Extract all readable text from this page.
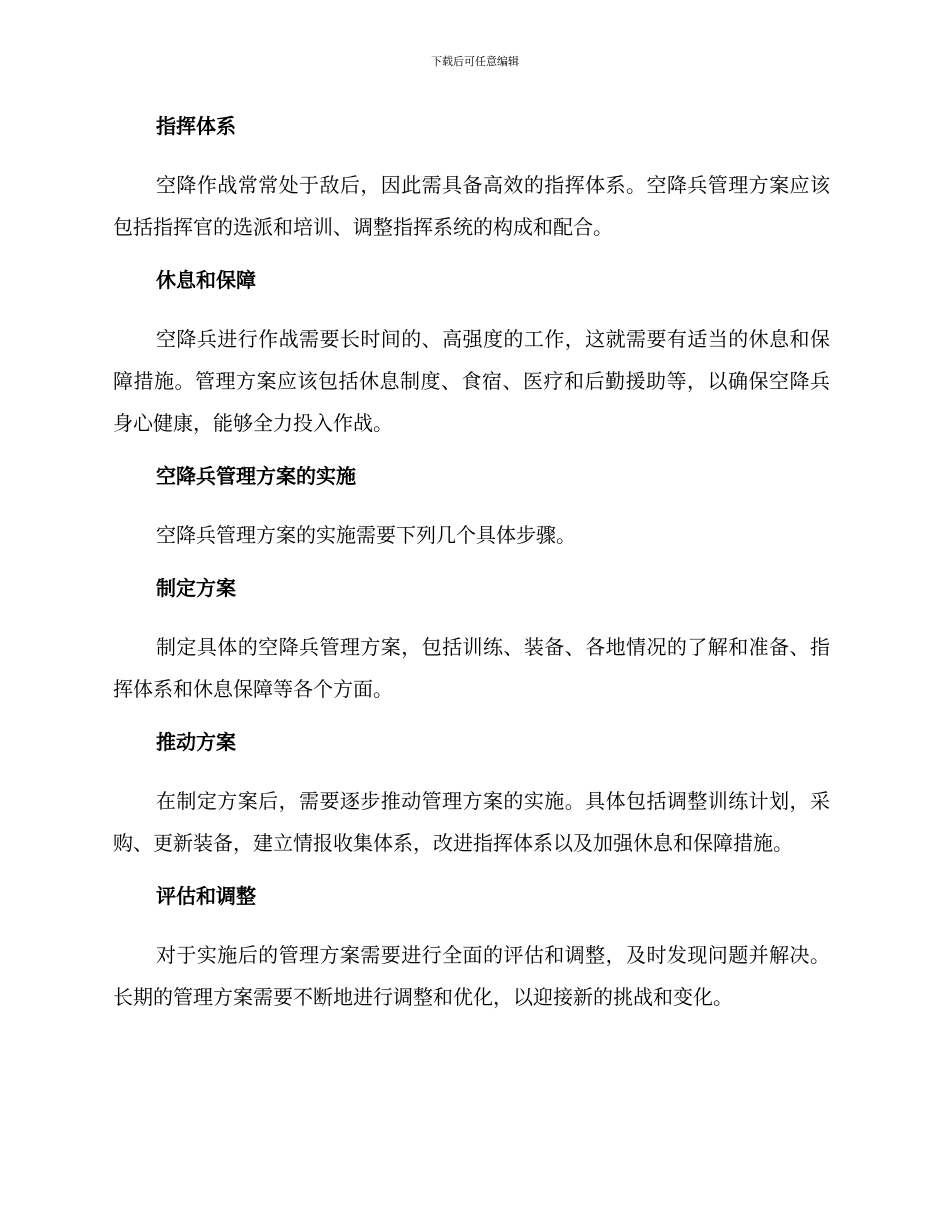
下载后可任意编辑
指挥体系

空降作战常常处于敌后，因此需具备高效的指挥体系。空降兵管理方案应该包括指挥官的选派和培训、调整指挥系统的构成和配合。

休息和保障

空降兵进行作战需要长时间的、高强度的工作，这就需要有适当的休息和保障措施。管理方案应该包括休息制度、食宿、医疗和后勤援助等，以确保空降兵身心健康，能够全力投入作战。

空降兵管理方案的实施

空降兵管理方案的实施需要下列几个具体步骤。

制定方案

制定具体的空降兵管理方案，包括训练、装备、各地情况的了解和准备、指挥体系和休息保障等各个方面。

推动方案

在制定方案后，需要逐步推动管理方案的实施。具体包括调整训练计划，采购、更新装备，建立情报收集体系，改进指挥体系以及加强休息和保障措施。

评估和调整

对于实施后的管理方案需要进行全面的评估和调整，及时发现问题并解决。长期的管理方案需要不断地进行调整和优化，以迎接新的挑战和变化。
